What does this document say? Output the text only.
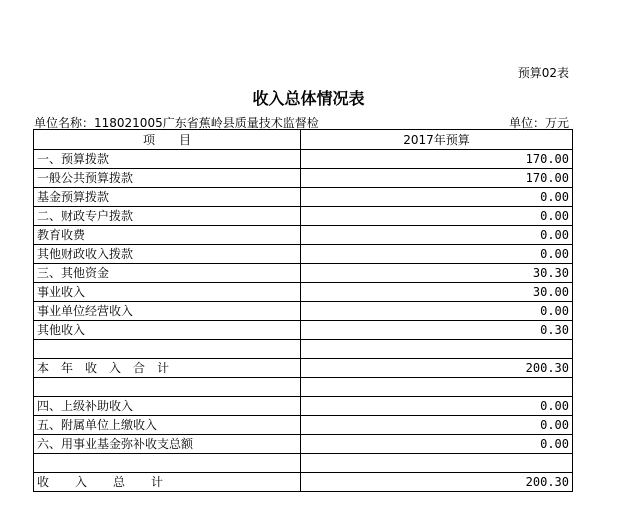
预算02表
收入总体情况表
单位名称：118021005广东省蕉岭县质量技术监督检	单位：万元
项　　目	2017年预算
一、预算拨款	170.00
一般公共预算拨款	170.00
基金预算拨款	0.00
二、财政专户拨款	0.00
教育收费	0.00
其他财政收入拨款	0.00
三、其他资金	30.30
事业收入	30.00
事业单位经营收入	0.00
其他收入	0.30

本年收入合计	200.30

四、上级补助收入	0.00
五、附属单位上缴收入	0.00
六、用事业基金弥补收支总额	0.00

收入总计	200.30
